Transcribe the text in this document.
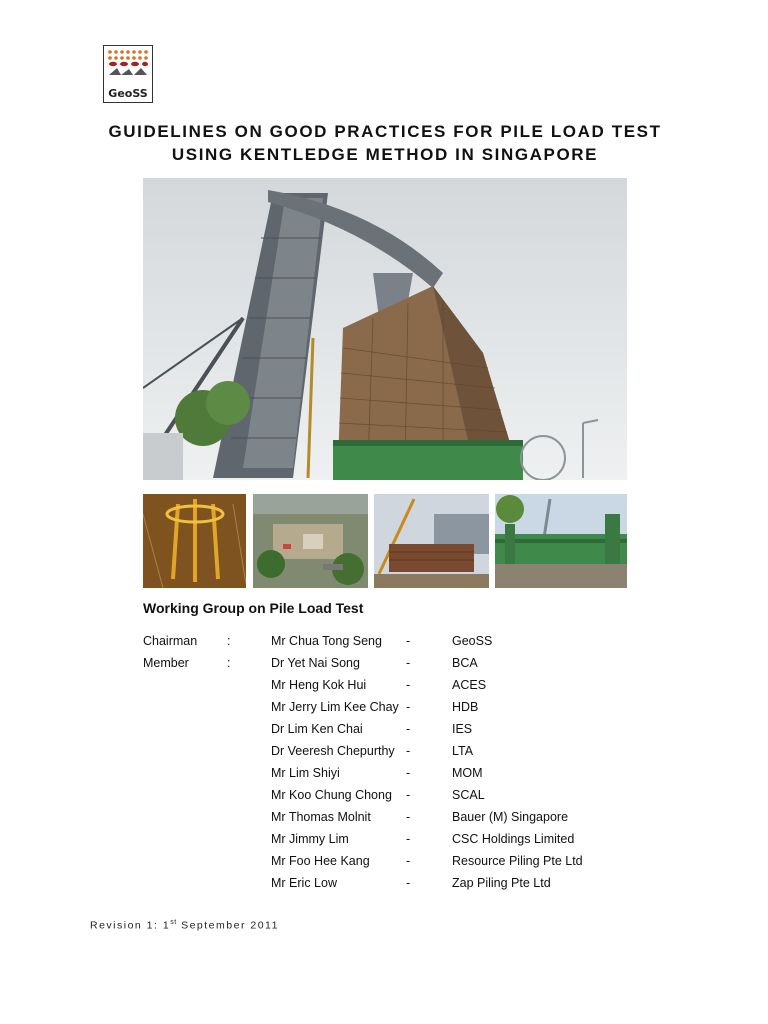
GeoSS
GUIDELINES ON GOOD PRACTICES FOR PILE LOAD TEST
USING KENTLEDGE METHOD IN SINGAPORE
Working Group on Pile Load Test
Chairman :	Mr Chua Tong Seng -	GeoSS
Member	:	Dr Yet Nai Song	-	BCA
Mr Heng Kok Hui	-	ACES
Mr Jerry Lim Kee Chay -	HDB
Dr Lim Ken Chai	-	IES
Dr Veeresh Chepurthy -	LTA
Mr Lim Shiyi	-	MOM
Mr Koo Chung Chong -	SCAL
Mr Thomas Molnit	-	Bauer (M) Singapore
Mr Jimmy Lim	-	CSC Holdings Limited
Mr Foo Hee Kang	-	Resource Piling Pte Ltd
Mr Eric Low	-	Zap Piling Pte Ltd
Revision 1: 1st September 2011
